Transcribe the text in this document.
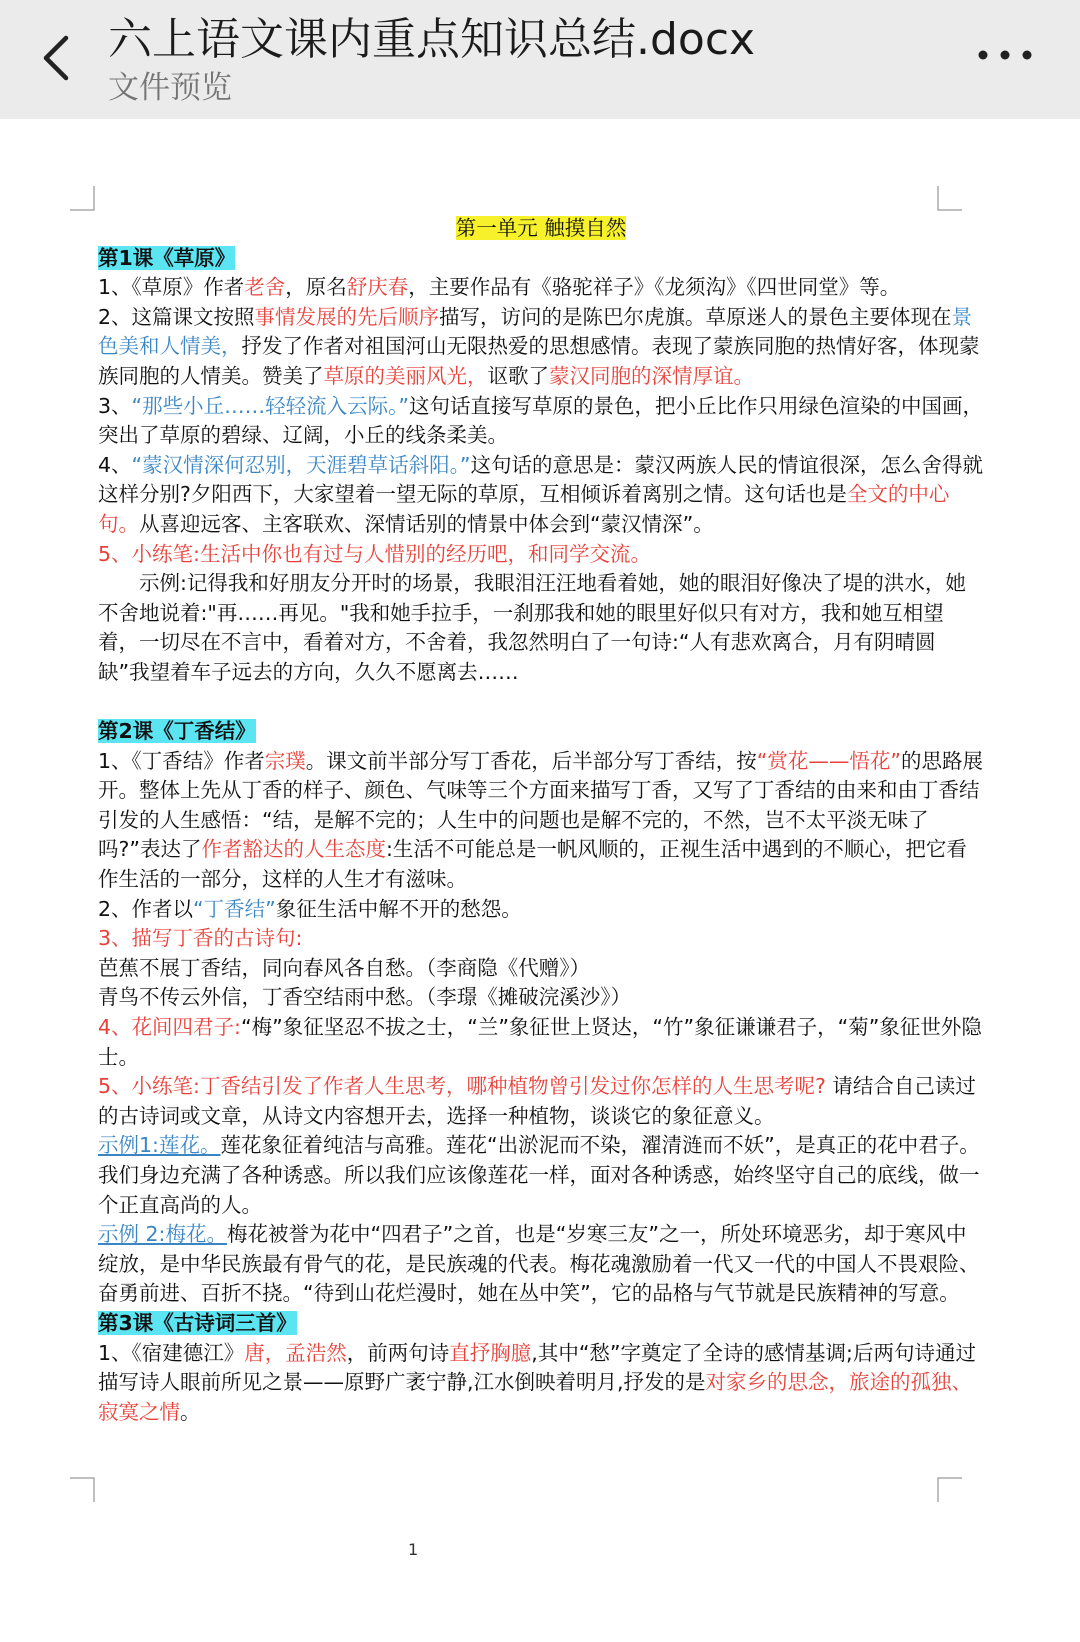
六上语文课内重点知识总结.docx
文件预览

第一单元 触摸自然

第1课《草原》

1、《草原》作者老舍，原名舒庆春，主要作品有《骆驼祥子》《龙须沟》《四世同堂》等。

2、这篇课文按照事情发展的先后顺序描写，访问的是陈巴尔虎旗。草原迷人的景色主要体现在景色美和人情美，抒发了作者对祖国河山无限热爱的思想感情。表现了蒙族同胞的热情好客，体现蒙族同胞的人情美。赞美了草原的美丽风光，讴歌了蒙汉同胞的深情厚谊。

3、“那些小丘……轻轻流入云际。”这句话直接写草原的景色，把小丘比作只用绿色渲染的中国画，突出了草原的碧绿、辽阔，小丘的线条柔美。

4、“蒙汉情深何忍别，天涯碧草话斜阳。”这句话的意思是：蒙汉两族人民的情谊很深，怎么舍得就这样分别?夕阳西下，大家望着一望无际的草原，互相倾诉着离别之情。这句话也是全文的中心句。从喜迎远客、主客联欢、深情话别的情景中体会到“蒙汉情深”。

5、小练笔:生活中你也有过与人惜别的经历吧，和同学交流。

示例:记得我和好朋友分开时的场景，我眼泪汪汪地看着她，她的眼泪好像决了堤的洪水，她不舍地说着:"再……再见。"我和她手拉手，一刹那我和她的眼里好似只有对方，我和她互相望着，一切尽在不言中，看着对方，不舍着，我忽然明白了一句诗:“人有悲欢离合，月有阴晴圆缺”我望着车子远去的方向，久久不愿离去……

第2课《丁香结》

1、《丁香结》作者宗璞。课文前半部分写丁香花，后半部分写丁香结，按“赏花——悟花”的思路展开。整体上先从丁香的样子、颜色、气味等三个方面来描写丁香，又写了丁香结的由来和由丁香结引发的人生感悟：“结，是解不完的；人生中的问题也是解不完的，不然，岂不太平淡无味了吗?”表达了作者豁达的人生态度:生活不可能总是一帆风顺的，正视生活中遇到的不顺心，把它看作生活的一部分，这样的人生才有滋味。

2、作者以“丁香结”象征生活中解不开的愁怨。

3、描写丁香的古诗句:

芭蕉不展丁香结，同向春风各自愁。（李商隐《代赠》）

青鸟不传云外信，丁香空结雨中愁。（李璟《摊破浣溪沙》）

4、花间四君子:“梅”象征坚忍不拔之士，“兰”象征世上贤达，“竹”象征谦谦君子，“菊”象征世外隐士。

5、小练笔:丁香结引发了作者人生思考，哪种植物曾引发过你怎样的人生思考呢? 请结合自己读过的古诗词或文章，从诗文内容想开去，选择一种植物，谈谈它的象征意义。

示例1:莲花。莲花象征着纯洁与高雅。莲花“出淤泥而不染，濯清涟而不妖”，是真正的花中君子。我们身边充满了各种诱惑。所以我们应该像莲花一样，面对各种诱惑，始终坚守自己的底线，做一个正直高尚的人。

示例 2:梅花。梅花被誉为花中“四君子”之首，也是“岁寒三友”之一，所处环境恶劣，却于寒风中绽放，是中华民族最有骨气的花，是民族魂的代表。梅花魂激励着一代又一代的中国人不畏艰险、奋勇前进、百折不挠。“待到山花烂漫时，她在丛中笑”，它的品格与气节就是民族精神的写意。

第3课《古诗词三首》

1、《宿建德江》唐，孟浩然，前两句诗直抒胸臆,其中“愁”字奠定了全诗的感情基调;后两句诗通过描写诗人眼前所见之景——原野广袤宁静,江水倒映着明月,抒发的是对家乡的思念，旅途的孤独、寂寞之情。

1
